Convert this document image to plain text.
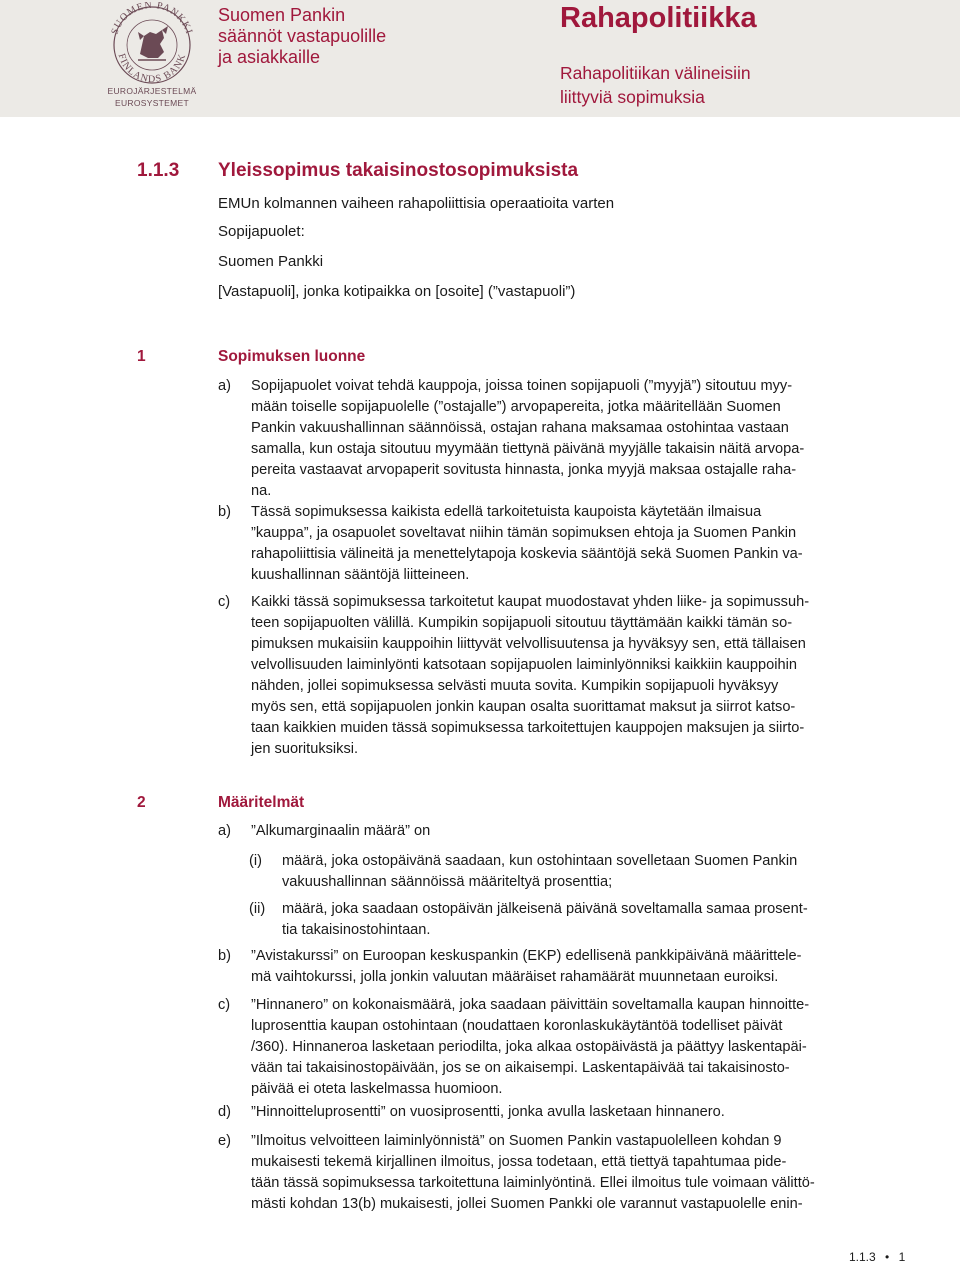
SUOMEN PANKKI
FINLANDS BANK
EUROJÄRJESTELMÄ
EUROSYSTEMET
Suomen Pankin
säännöt vastapuolille
ja asiakkaille
Rahapolitiikka
Rahapolitiikan välineisiin
liittyviä sopimuksia
1.1.3 Yleissopimus takaisinostosopimuksista
EMUn kolmannen vaiheen rahapoliittisia operaatioita varten
Sopijapuolet:
Suomen Pankki
[Vastapuoli], jonka kotipaikka on [osoite] (”vastapuoli”)
1	Sopimuksen luonne
a) Sopijapuolet voivat tehdä kauppoja, joissa toinen sopijapuoli (”myyjä”) sitoutuu myy-
mään toiselle sopijapuolelle (”ostajalle”) arvopapereita, jotka määritellään Suomen
Pankin vakuushallinnan säännöissä, ostajan rahana maksamaa ostohintaa vastaan
samalla, kun ostaja sitoutuu myymään tiettynä päivänä myyjälle takaisin näitä arvopa-
pereita vastaavat arvopaperit sovitusta hinnasta, jonka myyjä maksaa ostajalle raha-
na.
b) Tässä sopimuksessa kaikista edellä tarkoitetuista kaupoista käytetään ilmaisua
”kauppa”, ja osapuolet soveltavat niihin tämän sopimuksen ehtoja ja Suomen Pankin
rahapoliittisia välineitä ja menettelytapoja koskevia sääntöjä sekä Suomen Pankin va-
kuushallinnan sääntöjä liitteineen.
c) Kaikki tässä sopimuksessa tarkoitetut kaupat muodostavat yhden liike- ja sopimussuh-
teen sopijapuolten välillä. Kumpikin sopijapuoli sitoutuu täyttämään kaikki tämän so-
pimuksen mukaisiin kauppoihin liittyvät velvollisuutensa ja hyväksyy sen, että tällaisen
velvollisuuden laiminlyönti katsotaan sopijapuolen laiminlyönniksi kaikkiin kauppoihin
nähden, jollei sopimuksessa selvästi muuta sovita. Kumpikin sopijapuoli hyväksyy
myös sen, että sopijapuolen jonkin kaupan osalta suorittamat maksut ja siirrot katso-
taan kaikkien muiden tässä sopimuksessa tarkoitettujen kauppojen maksujen ja siirto-
jen suorituksiksi.
2	Määritelmät
a) ”Alkumarginaalin määrä” on
(i) määrä, joka ostopäivänä saadaan, kun ostohintaan sovelletaan Suomen Pankin
vakuushallinnan säännöissä määriteltyä prosenttia;
(ii) määrä, joka saadaan ostopäivän jälkeisenä päivänä soveltamalla samaa prosent-
tia takaisinostohintaan.
b) ”Avistakurssi” on Euroopan keskuspankin (EKP) edellisenä pankkipäivänä määrittele-
mä vaihtokurssi, jolla jonkin valuutan määräiset rahamäärät muunnetaan euroiksi.
c) ”Hinnanero” on kokonaismäärä, joka saadaan päivittäin soveltamalla kaupan hinnoitte-
luprosenttia kaupan ostohintaan (noudattaen koronlaskukäytäntöä todelliset päivät
/360). Hinnaneroa lasketaan periodilta, joka alkaa ostopäivästä ja päättyy laskentapäi-
vään tai takaisinostopäivään, jos se on aikaisempi. Laskentapäivää tai takaisinosto-
päivää ei oteta laskelmassa huomioon.
d) ”Hinnoitteluprosentti” on vuosiprosentti, jonka avulla lasketaan hinnanero.
e) ”Ilmoitus velvoitteen laiminlyönnistä” on Suomen Pankin vastapuolelleen kohdan 9
mukaisesti tekemä kirjallinen ilmoitus, jossa todetaan, että tiettyä tapahtumaa pide-
tään tässä sopimuksessa tarkoitettuna laiminlyöntinä. Ellei ilmoitus tule voimaan välittö-
mästi kohdan 13(b) mukaisesti, jollei Suomen Pankki ole varannut vastapuolelle enin-
1.1.3 • 1
